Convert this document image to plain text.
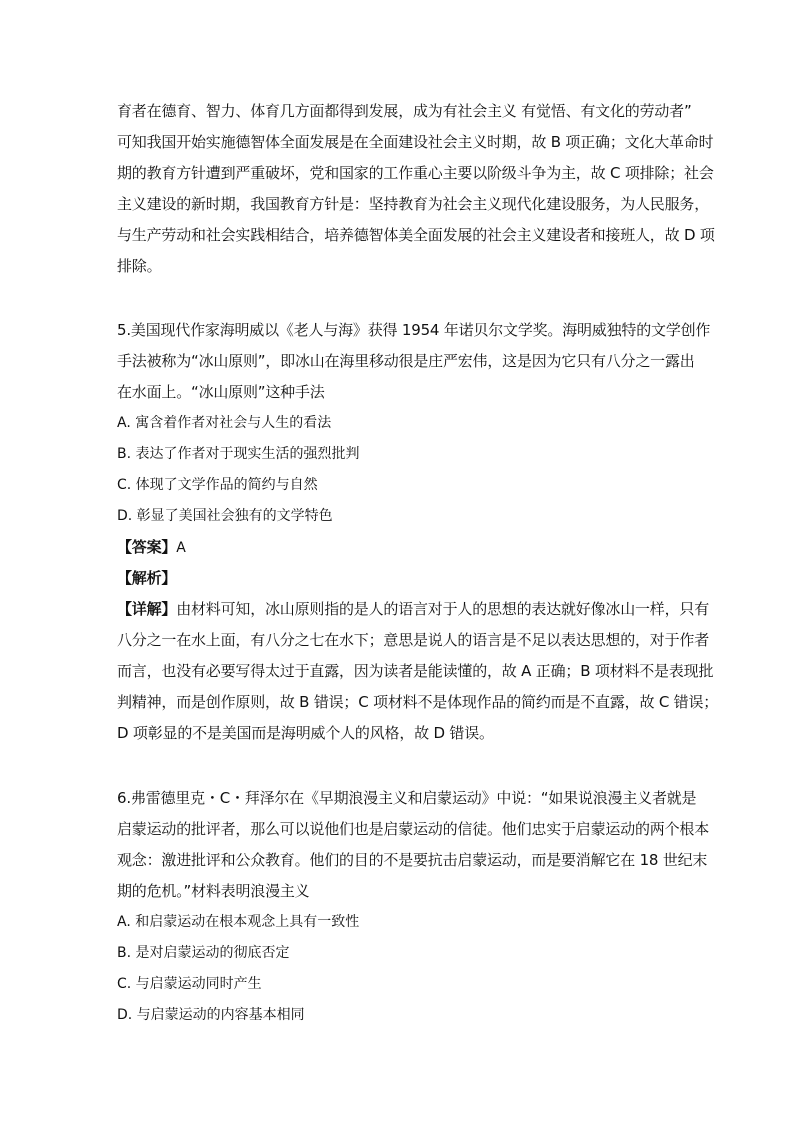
育者在德育、智力、体育几方面都得到发展，成为有社会主义 有觉悟、有文化的劳动者”
可知我国开始实施德智体全面发展是在全面建设社会主义时期，故 B 项正确；文化大革命时
期的教育方针遭到严重破坏，党和国家的工作重心主要以阶级斗争为主，故 C 项排除；社会
主义建设的新时期，我国教育方针是：坚持教育为社会主义现代化建设服务，为人民服务，
与生产劳动和社会实践相结合，培养德智体美全面发展的社会主义建设者和接班人，故 D 项
排除。
5.美国现代作家海明威以《老人与海》获得 1954 年诺贝尔文学奖。海明威独特的文学创作
手法被称为“冰山原则”，即冰山在海里移动很是庄严宏伟，这是因为它只有八分之一露出
在水面上。“冰山原则”这种手法
A. 寓含着作者对社会与人生的看法
B. 表达了作者对于现实生活的强烈批判
C. 体现了文学作品的简约与自然
D. 彰显了美国社会独有的文学特色
【答案】A
【解析】
【详解】由材料可知，冰山原则指的是人的语言对于人的思想的表达就好像冰山一样，只有
八分之一在水上面，有八分之七在水下；意思是说人的语言是不足以表达思想的，对于作者
而言，也没有必要写得太过于直露，因为读者是能读懂的，故 A 正确；B 项材料不是表现批
判精神，而是创作原则，故 B 错误；C 项材料不是体现作品的简约而是不直露，故 C 错误；
D 项彰显的不是美国而是海明威个人的风格，故 D 错误。
6.弗雷德里克・C・拜泽尔在《早期浪漫主义和启蒙运动》中说：“如果说浪漫主义者就是
启蒙运动的批评者，那么可以说他们也是启蒙运动的信徒。他们忠实于启蒙运动的两个根本
观念：激进批评和公众教育。他们的目的不是要抗击启蒙运动，而是要消解它在 18 世纪末
期的危机。”材料表明浪漫主义
A. 和启蒙运动在根本观念上具有一致性
B. 是对启蒙运动的彻底否定
C. 与启蒙运动同时产生
D. 与启蒙运动的内容基本相同
